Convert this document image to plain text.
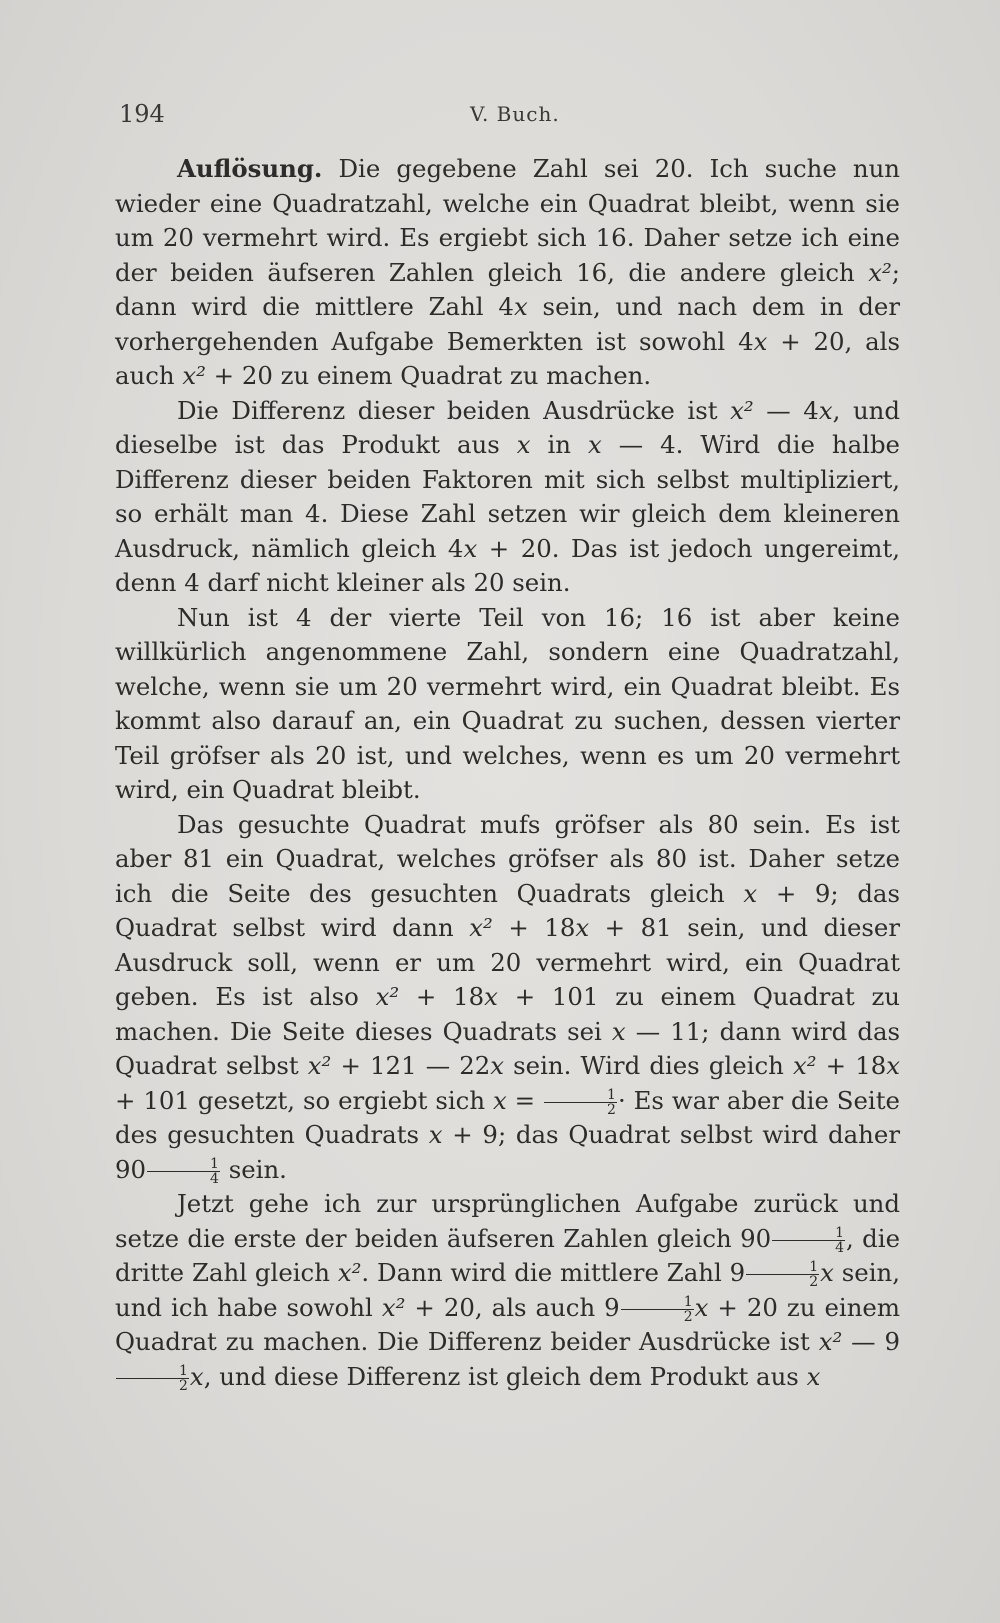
194	V. Buch.

Auflösung. Die gegebene Zahl sei 20. Ich suche nun wieder eine Quadratzahl, welche ein Quadrat bleibt, wenn sie um 20 vermehrt wird. Es ergiebt sich 16. Daher setze ich eine der beiden äufseren Zahlen gleich 16, die andere gleich x²; dann wird die mittlere Zahl 4x sein, und nach dem in der vorhergehenden Aufgabe Bemerkten ist sowohl 4x + 20, als auch x² + 20 zu einem Quadrat zu machen.

Die Differenz dieser beiden Ausdrücke ist x² — 4x, und dieselbe ist das Produkt aus x in x — 4. Wird die halbe Differenz dieser beiden Faktoren mit sich selbst multipliziert, so erhält man 4. Diese Zahl setzen wir gleich dem kleineren Ausdruck, nämlich gleich 4x + 20. Das ist jedoch ungereimt, denn 4 darf nicht kleiner als 20 sein.

Nun ist 4 der vierte Teil von 16; 16 ist aber keine willkürlich angenommene Zahl, sondern eine Quadratzahl, welche, wenn sie um 20 vermehrt wird, ein Quadrat bleibt. Es kommt also darauf an, ein Quadrat zu suchen, dessen vierter Teil gröfser als 20 ist, und welches, wenn es um 20 vermehrt wird, ein Quadrat bleibt.

Das gesuchte Quadrat mufs gröfser als 80 sein. Es ist aber 81 ein Quadrat, welches gröfser als 80 ist. Daher setze ich die Seite des gesuchten Quadrats gleich x + 9; das Quadrat selbst wird dann x² + 18x + 81 sein, und dieser Ausdruck soll, wenn er um 20 vermehrt wird, ein Quadrat geben. Es ist also x² + 18x + 101 zu einem Quadrat zu machen. Die Seite dieses Quadrats sei x — 11; dann wird das Quadrat selbst x² + 121 — 22x sein. Wird dies gleich x² + 18x + 101 gesetzt, so ergiebt sich $x = \frac{1}{2} \cdot Es$ war aber die Seite des gesuchten Quadrats x + 9; das Quadrat selbst wird daher $90 \frac{1}{4}$ sein.

Jetzt gehe ich zur ursprünglichen Aufgabe zurück und setze die erste der beiden äufseren Zahlen gleich $90 \frac{1}{4}$ , die dritte Zahl gleich x². Dann wird die mittlere Zahl $9 \frac{1}{2}$ x sein, und ich habe sowohl x² + 20, als auch $9 \frac{1}{2}$ x + 20 zu einem Quadrat zu machen. Die Differenz beider Ausdrücke ist x² — 9
$\frac{1}{2} x$, und diese Differenz ist gleich dem Produkt aus x
